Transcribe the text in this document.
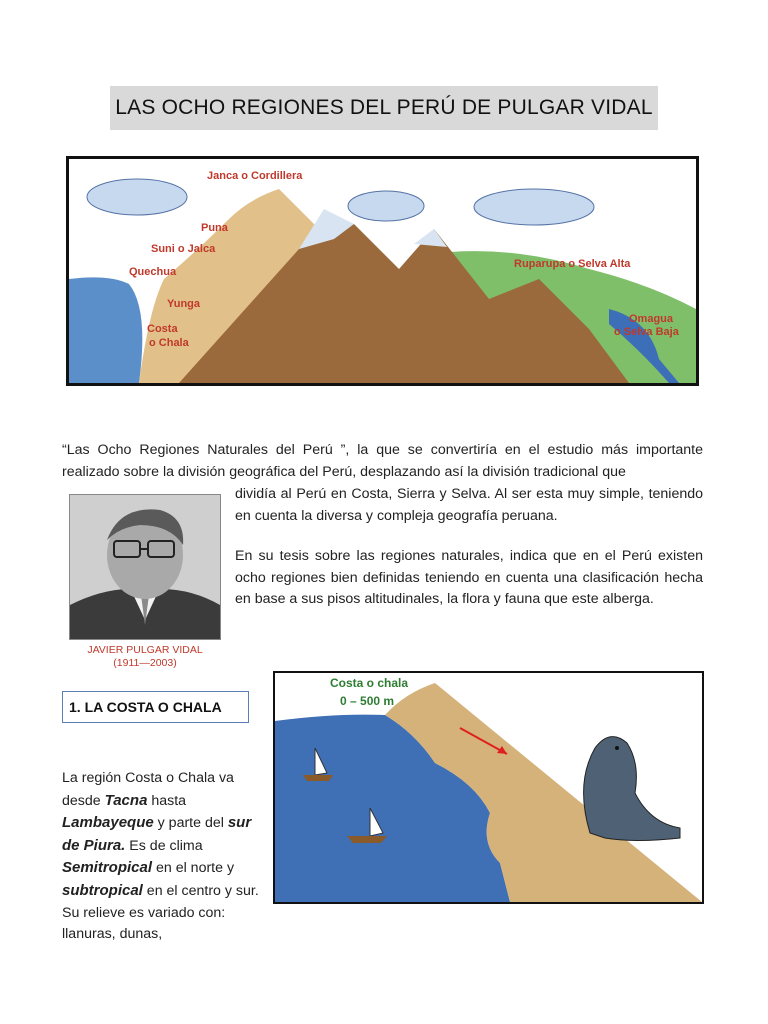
LAS OCHO REGIONES DEL PERÚ DE PULGAR VIDAL
Janca o Cordillera
Puna
Suni o Jalca
Quechua
Yunga
Costa
o Chala
Ruparupa o Selva Alta
Omagua
o Selva Baja

“Las Ocho Regiones Naturales del Perú ”, la que se convertiría en el estudio más importante realizado sobre la división geográfica del Perú, desplazando así la división tradicional que

dividía al Perú en Costa, Sierra y Selva. Al ser esta muy simple, teniendo en cuenta la diversa y compleja geografía peruana.

En su tesis sobre las regiones naturales, indica que en el Perú existen ocho regiones bien definidas teniendo en cuenta una clasificación hecha en base a sus pisos altitudinales, la flora y fauna que este alberga.

JAVIER PULGAR VIDAL
(1911—2003)
1. LA COSTA O CHALA

La región Costa o Chala va desde Tacna hasta Lambayeque y parte del sur de Piura. Es de clima Semitropical en el norte y subtropical en el centro y sur. Su relieve es variado con: llanuras, dunas,

Costa o chala
0 – 500 m
